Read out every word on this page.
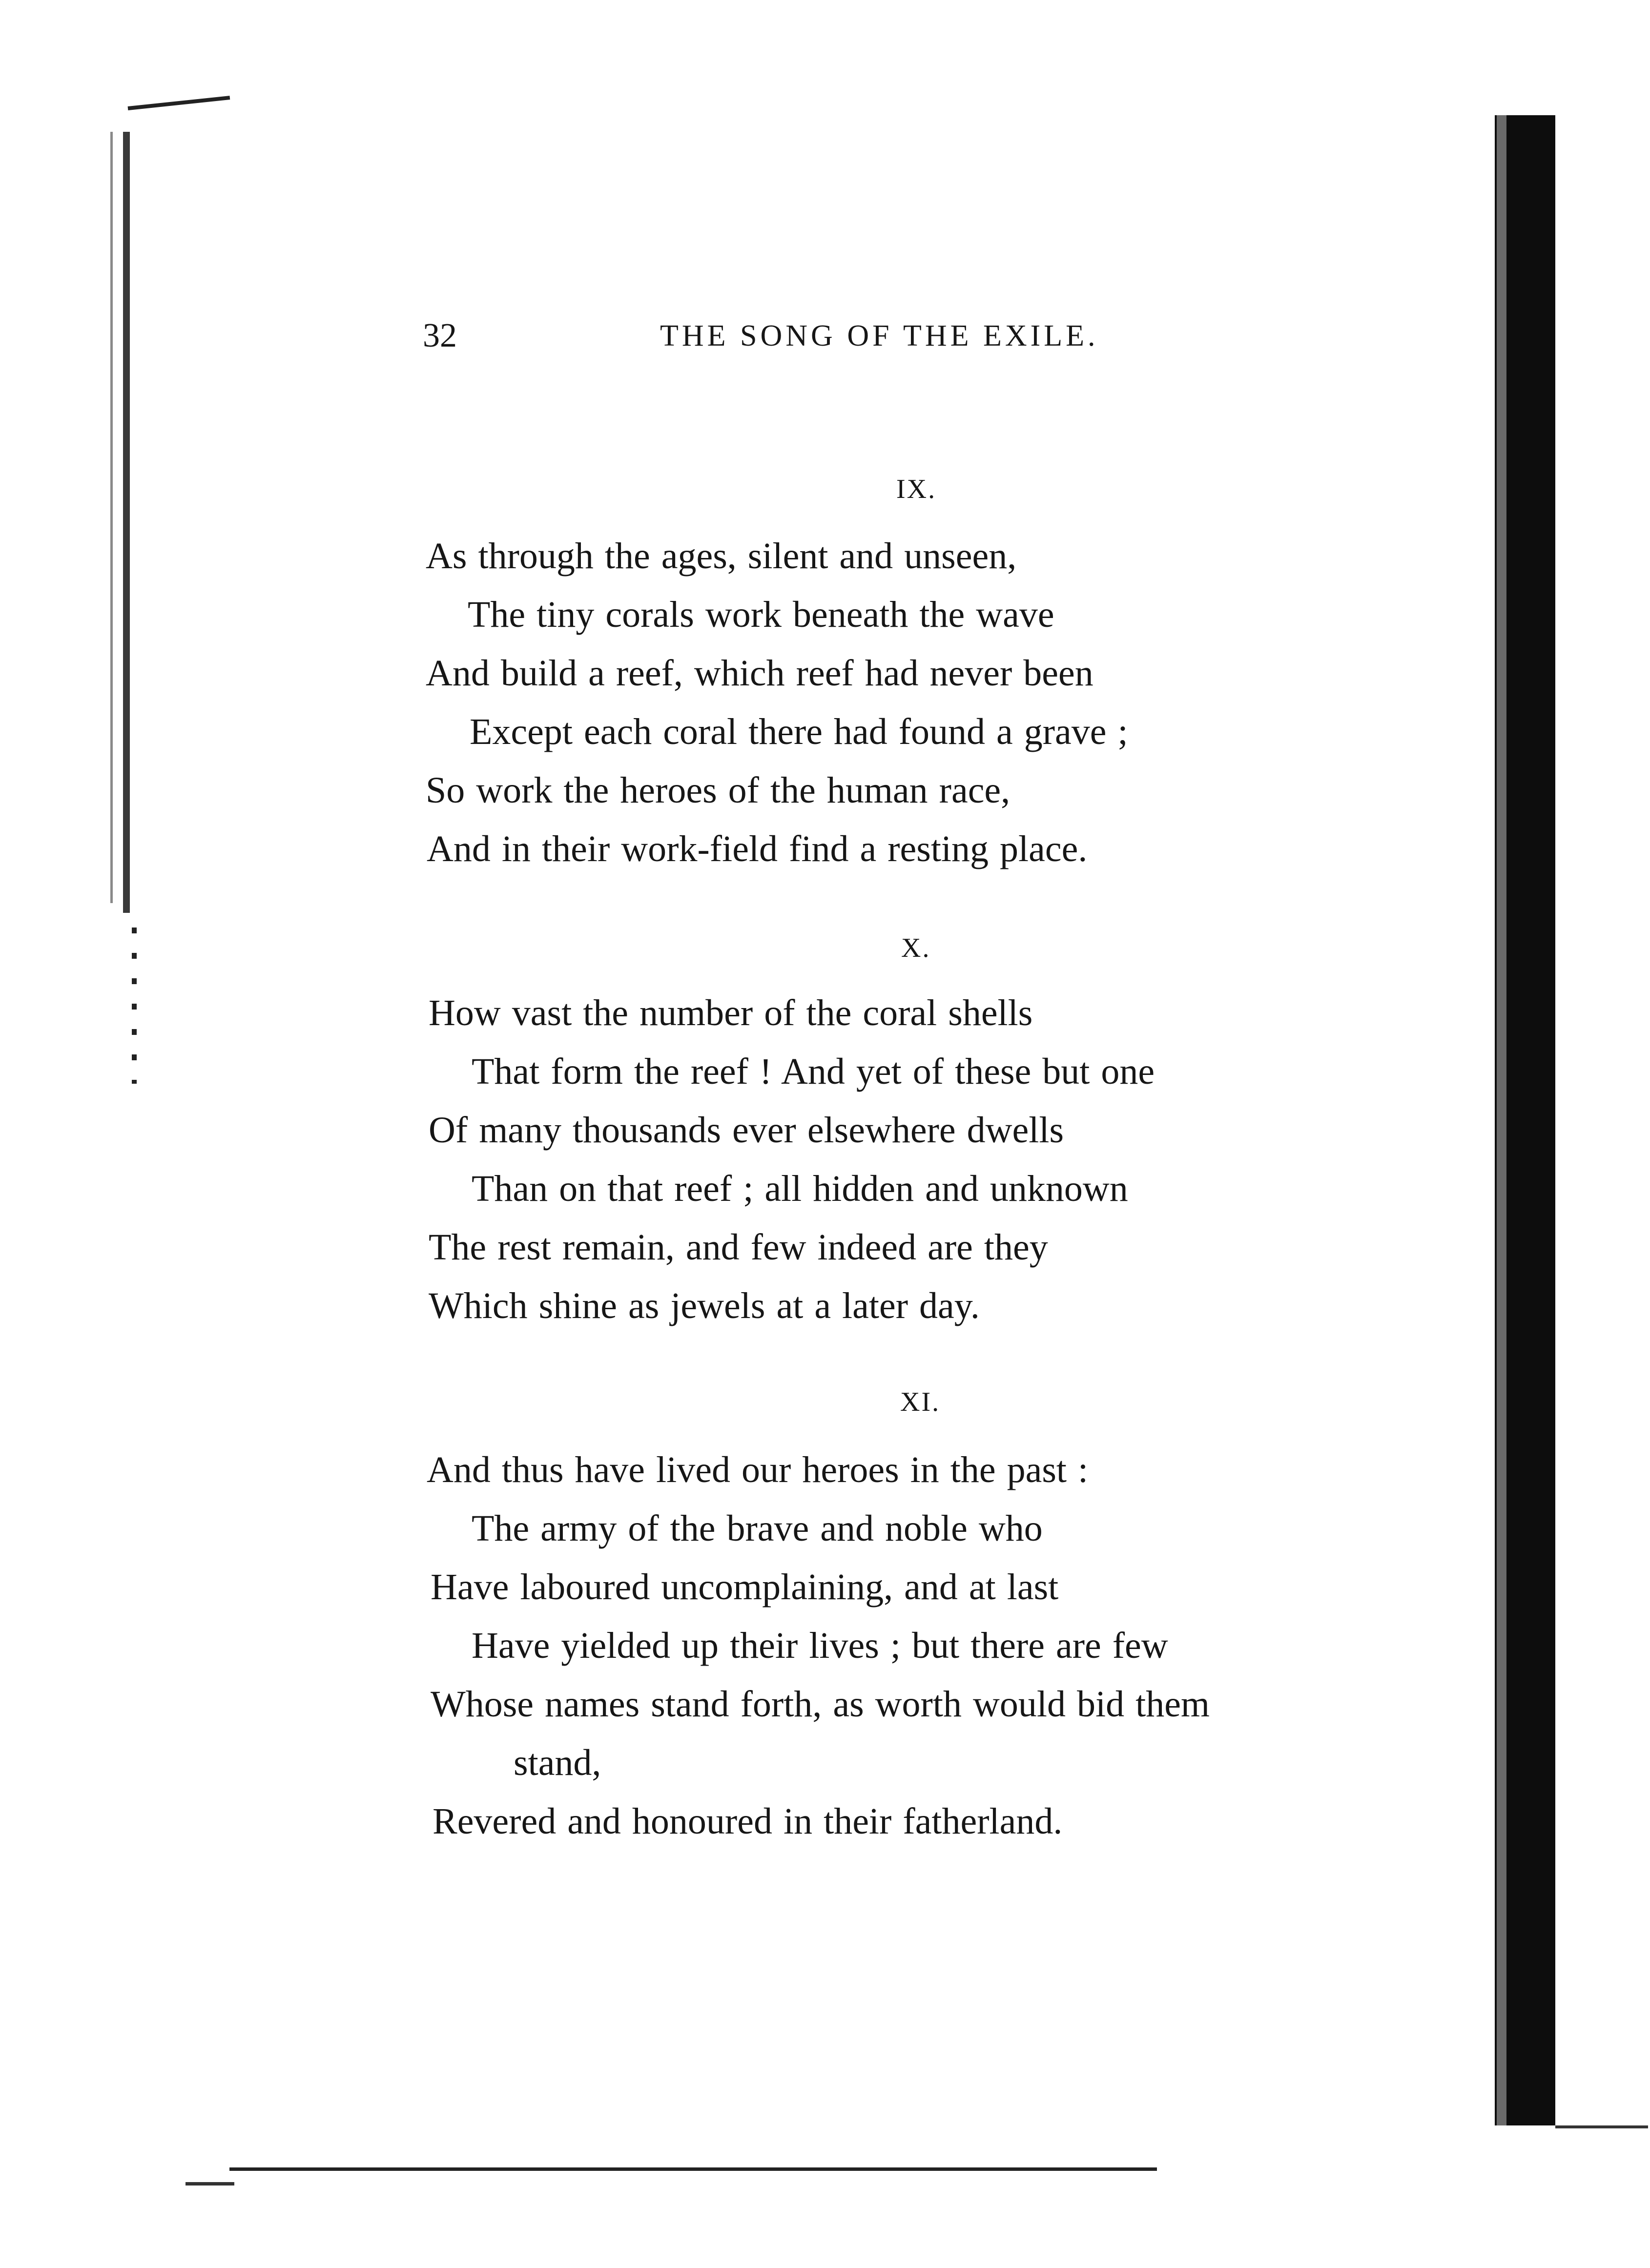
32	THE SONG OF THE EXILE.
IX.
As through the ages, silent and unseen,
The tiny corals work beneath the wave
And build a reef, which reef had never been
Except each coral there had found a grave ;
So work the heroes of the human race,
And in their work-field find a resting place.
X.
How vast the number of the coral shells
That form the reef ! And yet of these but one
Of many thousands ever elsewhere dwells
Than on that reef ; all hidden and unknown
The rest remain, and few indeed are they
Which shine as jewels at a later day.
XI.
And thus have lived our heroes in the past :
The army of the brave and noble who
Have laboured uncomplaining, and at last
Have yielded up their lives ; but there are few
Whose names stand forth, as worth would bid them
stand,
Revered and honoured in their fatherland.
